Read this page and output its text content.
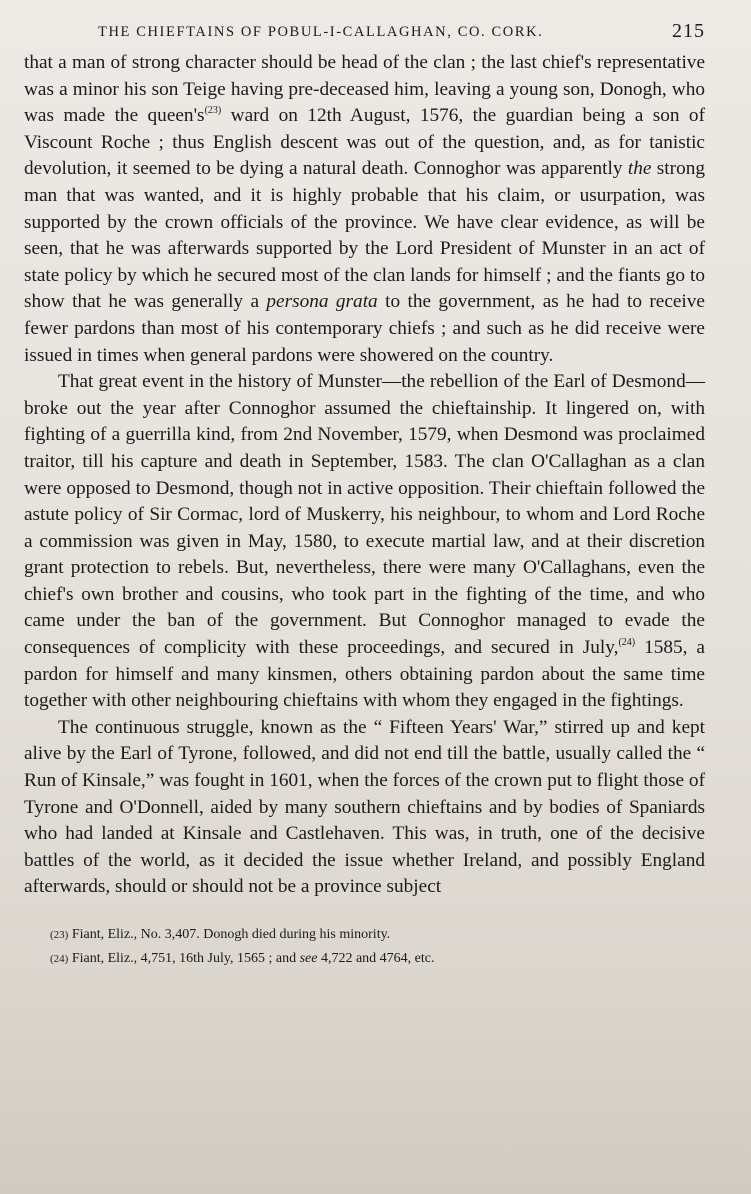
THE CHIEFTAINS OF POBUL-I-CALLAGHAN, CO. CORK.	215

that a man of strong character should be head of the clan ; the last chief's representative was a minor his son Teige having pre-deceased him, leaving a young son, Donogh, who was made the queen's$^{(23)}$ ward on 12th August, 1576, the guardian being a son of Viscount Roche ; thus English descent was out of the question, and, as for tanistic devolution, it seemed to be dying a natural death. Connoghor was apparently the strong man that was wanted, and it is highly probable that his claim, or usurpation, was supported by the crown officials of the province. We have clear evidence, as will be seen, that he was afterwards supported by the Lord President of Munster in an act of state policy by which he secured most of the clan lands for himself ; and the fiants go to show that he was generally a persona grata to the government, as he had to receive fewer pardons than most of his contemporary chiefs ; and such as he did receive were issued in times when general pardons were showered on the country.

That great event in the history of Munster—the rebellion of the Earl of Desmond—broke out the year after Connoghor assumed the chieftainship. It lingered on, with fighting of a guerrilla kind, from 2nd November, 1579, when Desmond was proclaimed traitor, till his capture and death in September, 1583. The clan O'Callaghan as a clan were opposed to Desmond, though not in active opposition. Their chieftain followed the astute policy of Sir Cormac, lord of Muskerry, his neighbour, to whom and Lord Roche a commission was given in May, 1580, to execute martial law, and at their discretion grant protection to rebels. But, nevertheless, there were many O'Callaghans, even the chief's own brother and cousins, who took part in the fighting of the time, and who came under the ban of the government. But Connoghor managed to evade the consequences of complicity with these proceedings, and secured in July,$^{(24)}$ 1585, a pardon for himself and many kinsmen, others obtaining pardon about the same time together with other neighbouring chieftains with whom they engaged in the fightings.

The continuous struggle, known as the “ Fifteen Years' War,” stirred up and kept alive by the Earl of Tyrone, followed, and did not end till the battle, usually called the “ Run of Kinsale,” was fought in 1601, when the forces of the crown put to flight those of Tyrone and O'Donnell, aided by many southern chieftains and by bodies of Spaniards who had landed at Kinsale and Castlehaven. This was, in truth, one of the decisive battles of the world, as it decided the issue whether Ireland, and possibly England afterwards, should or should not be a province subject

(23) Fiant, Eliz., No. 3,407. Donogh died during his minority.
(24) Fiant, Eliz., 4,751, 16th July, 1565 ; and see 4,722 and 4764, etc.
